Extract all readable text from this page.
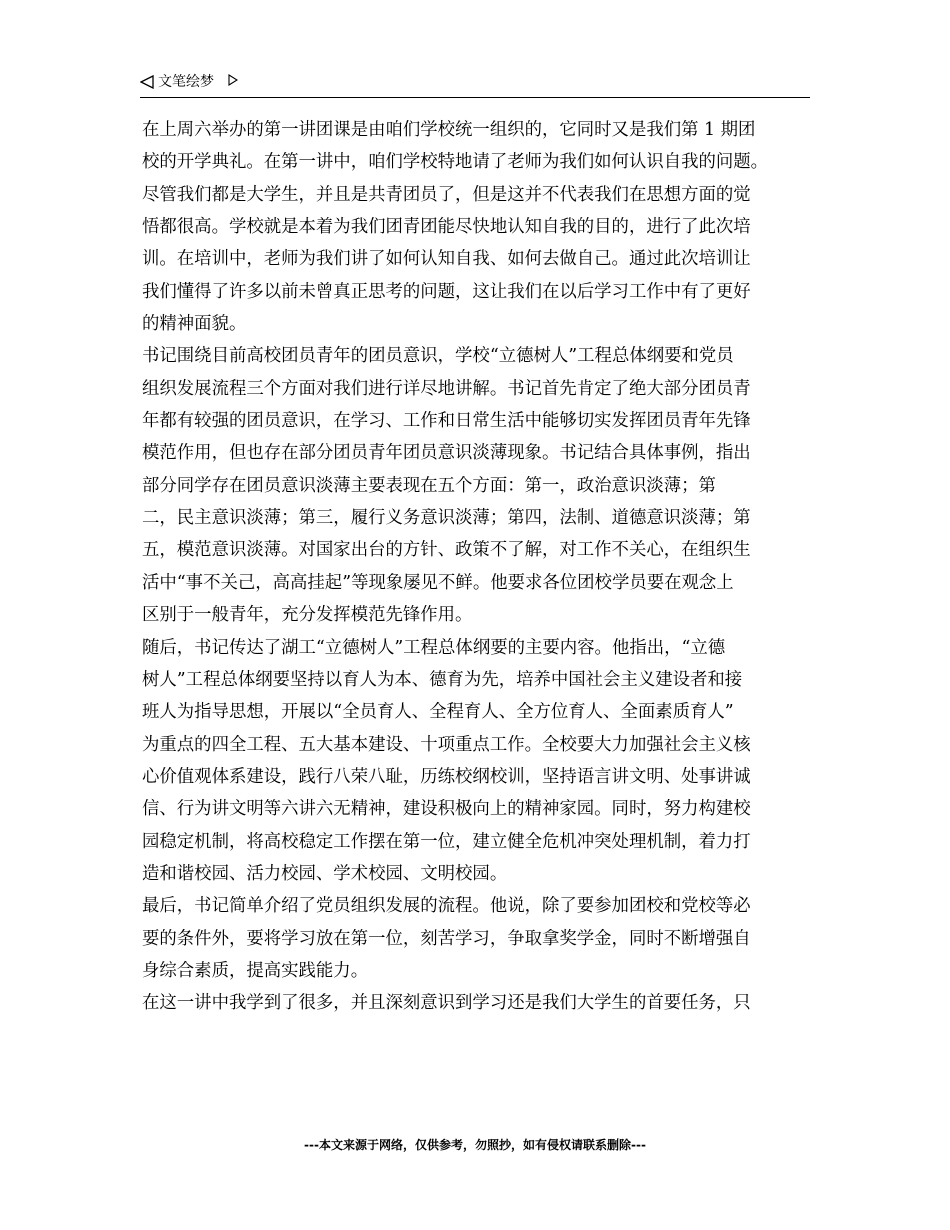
文笔绘梦
在上周六举办的第一讲团课是由咱们学校统一组织的，它同时又是我们第 1 期团
校的开学典礼。在第一讲中，咱们学校特地请了老师为我们如何认识自我的问题。
尽管我们都是大学生，并且是共青团员了，但是这并不代表我们在思想方面的觉
悟都很高。学校就是本着为我们团青团能尽快地认知自我的目的，进行了此次培
训。在培训中，老师为我们讲了如何认知自我、如何去做自己。通过此次培训让
我们懂得了许多以前未曾真正思考的问题，这让我们在以后学习工作中有了更好
的精神面貌。
书记围绕目前高校团员青年的团员意识，学校“立德树人”工程总体纲要和党员
组织发展流程三个方面对我们进行详尽地讲解。书记首先肯定了绝大部分团员青
年都有较强的团员意识，在学习、工作和日常生活中能够切实发挥团员青年先锋
模范作用，但也存在部分团员青年团员意识淡薄现象。书记结合具体事例，指出
部分同学存在团员意识淡薄主要表现在五个方面：第一，政治意识淡薄；第
二，民主意识淡薄；第三，履行义务意识淡薄；第四，法制、道德意识淡薄；第
五，模范意识淡薄。对国家出台的方针、政策不了解，对工作不关心，在组织生
活中“事不关己，高高挂起”等现象屡见不鲜。他要求各位团校学员要在观念上
区别于一般青年，充分发挥模范先锋作用。
随后，书记传达了湖工“立德树人”工程总体纲要的主要内容。他指出，“立德
树人”工程总体纲要坚持以育人为本、德育为先，培养中国社会主义建设者和接
班人为指导思想，开展以“全员育人、全程育人、全方位育人、全面素质育人”
为重点的四全工程、五大基本建设、十项重点工作。全校要大力加强社会主义核
心价值观体系建设，践行八荣八耻，历练校纲校训，坚持语言讲文明、处事讲诚
信、行为讲文明等六讲六无精神，建设积极向上的精神家园。同时，努力构建校
园稳定机制，将高校稳定工作摆在第一位，建立健全危机冲突处理机制，着力打
造和谐校园、活力校园、学术校园、文明校园。
最后，书记简单介绍了党员组织发展的流程。他说，除了要参加团校和党校等必
要的条件外，要将学习放在第一位，刻苦学习，争取拿奖学金，同时不断增强自
身综合素质，提高实践能力。
在这一讲中我学到了很多，并且深刻意识到学习还是我们大学生的首要任务，只
---本文来源于网络，仅供参考，勿照抄，如有侵权请联系删除---
